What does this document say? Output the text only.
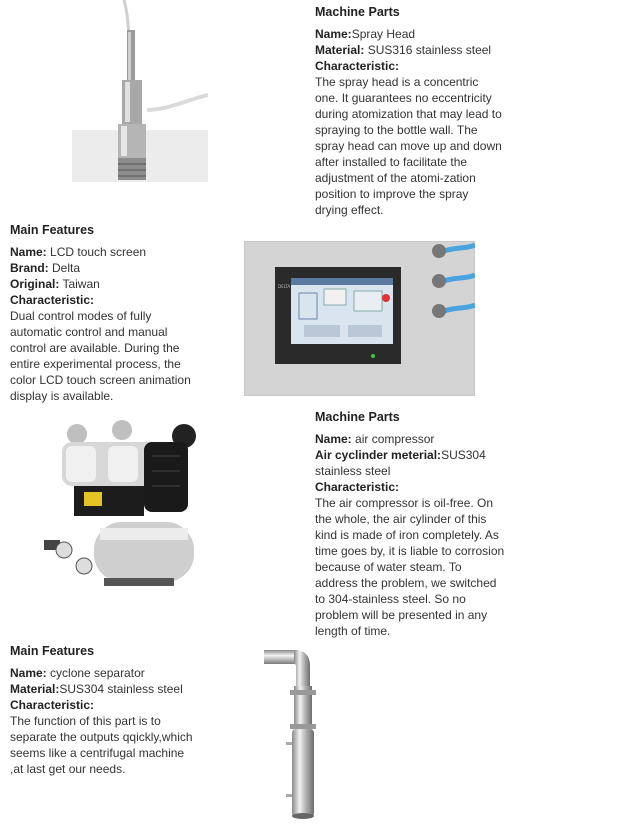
Machine Parts
Name:Spray Head
Material: SUS316 stainless steel
Characteristic:
The spray head is a concentric
one. It guarantees no eccentricity
during atomization that may lead to
spraying to the bottle wall. The
spray head can move up and down
after installed to facilitate the
adjustment of the atomi-zation
position to improve the spray
drying effect.
Main Features
Name: LCD touch screen
Brand: Delta
Original: Taiwan
Characteristic:
Dual control modes of fully
automatic control and manual
control are available. During the
entire experimental process, the
color LCD touch screen animation
display is available.
DELTA
Machine Parts
Name: air compressor
Air cyclinder meterial:SUS304
stainless steel
Characteristic:
The air compressor is oil-free. On
the whole, the air cylinder of this
kind is made of iron completely. As
time goes by, it is liable to corrosion
because of water steam. To
address the problem, we switched
to 304-stainless steel. So no
problem will be presented in any
length of time.
Main Features
Name: cyclone separator
Material:SUS304 stainless steel
Characteristic:
The function of this part is to
separate the outputs qqickly,which
seems like a centrifugal machine
,at last get our needs.
